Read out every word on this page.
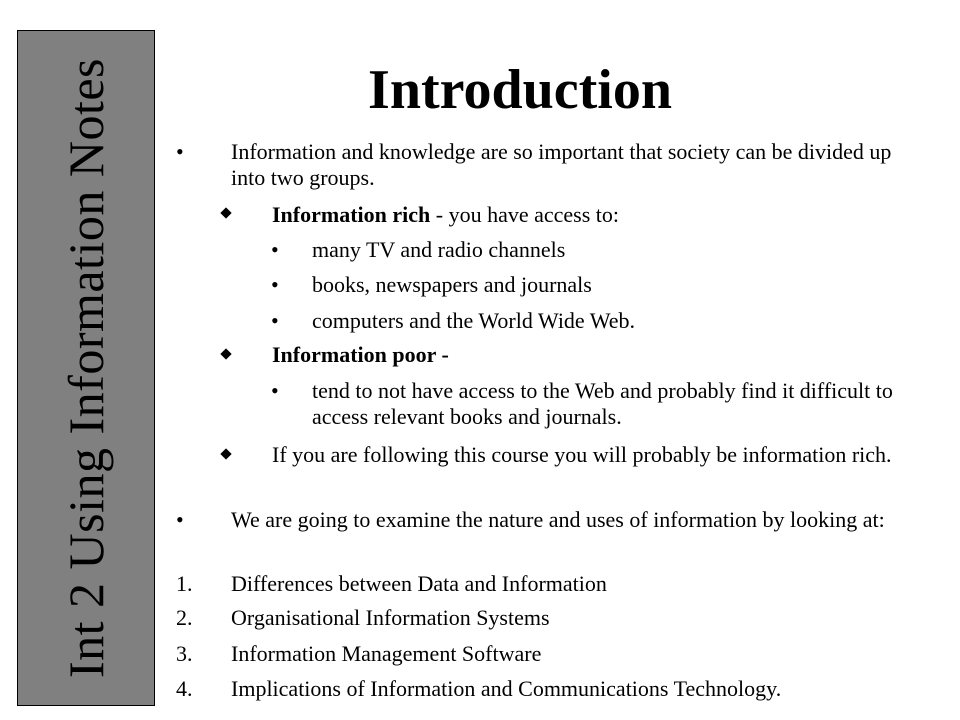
Int 2 Using Information Notes	Introduction
• Information and knowledge are so important that society can be divided up into two groups.
Information rich - you have access to:
• many TV and radio channels
• books, newspapers and journals
• computers and the World Wide Web.
Information poor -
• tend to not have access to the Web and probably find it difficult to access relevant books and journals.
If you are following this course you will probably be information rich.
• We are going to examine the nature and uses of information by looking at:
1. Differences between Data and Information
2. Organisational Information Systems
3. Information Management Software
4. Implications of Information and Communications Technology.
